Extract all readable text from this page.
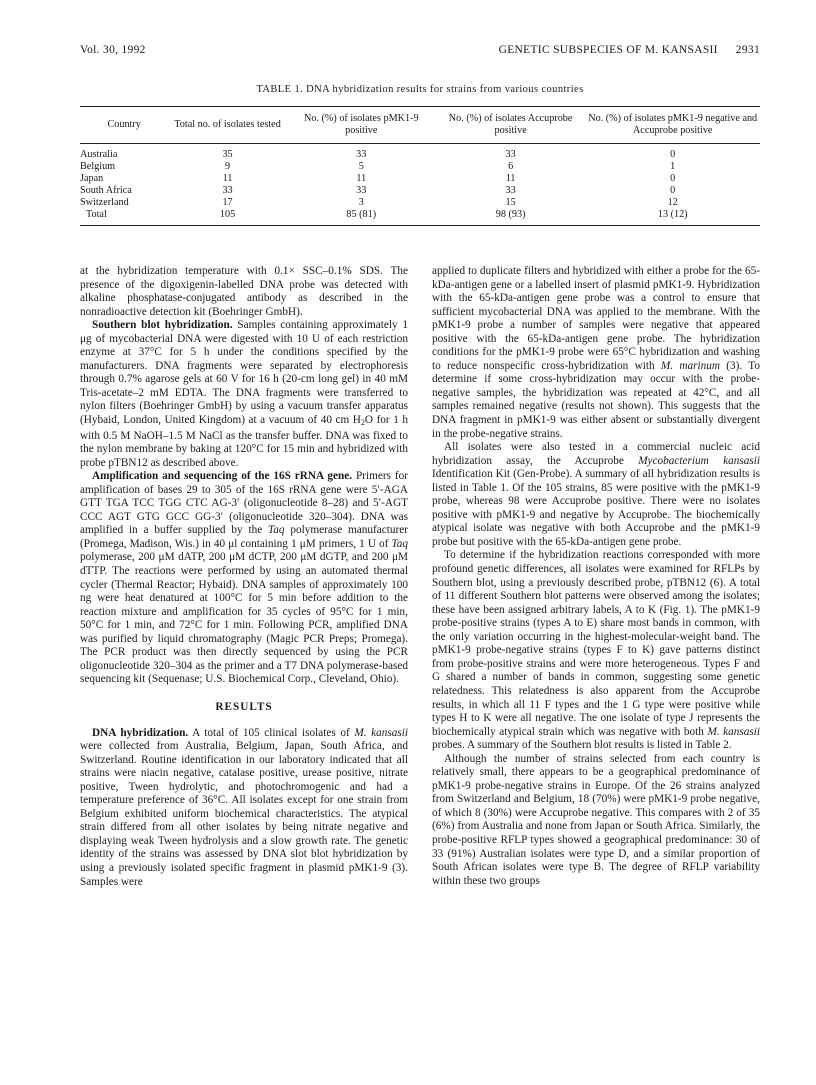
Vol. 30, 1992	GENETIC SUBSPECIES OF M. KANSASII 2931
TABLE 1. DNA hybridization results for strains from various countries
Country	Total no. of isolates tested	No. (%) of isolates pMK1-9 positive	No. (%) of isolates Accuprobe positive	No. (%) of isolates pMK1-9 negative and Accuprobe positive
Australia	35	33	33	0
Belgium	9	5	6	1
Japan	11	11	11	0
South Africa	33	33	33	0
Switzerland	17	3	15	12
Total	105	85 (81)	98 (93)	13 (12)

at the hybridization temperature with 0.1× SSC–0.1% SDS. The presence of the digoxigenin-labelled DNA probe was detected with alkaline phosphatase-conjugated antibody as described in the nonradioactive detection kit (Boehringer GmbH).

Southern blot hybridization. Samples containing approximately 1 μg of mycobacterial DNA were digested with 10 U of each restriction enzyme at 37°C for 5 h under the conditions specified by the manufacturers. DNA fragments were separated by electrophoresis through 0.7% agarose gels at 60 V for 16 h (20-cm long gel) in 40 mM Tris-acetate–2 mM EDTA. The DNA fragments were transferred to nylon filters (Boehringer GmbH) by using a vacuum transfer apparatus (Hybaid, London, United Kingdom) at a vacuum of 40 cm $H_2O$ for 1 h with 0.5 M NaOH–1.5 M NaCl as the transfer buffer. DNA was fixed to the nylon membrane by baking at 120°C for 15 min and hybridized with probe pTBN12 as described above.

Amplification and sequencing of the 16S rRNA gene. Primers for amplification of bases 29 to 305 of the 16S rRNA gene were 5′-AGA GTT TGA TCC TGG CTC AG-3′ (oligonucleotide 8–28) and 5′-AGT CCC AGT GTG GCC GG-3′ (oligonucleotide 320–304). DNA was amplified in a buffer supplied by the Taq polymerase manufacturer (Promega, Madison, Wis.) in 40 μl containing 1 μM primers, 1 U of Taq polymerase, 200 μM dATP, 200 μM dCTP, 200 μM dGTP, and 200 μM dTTP. The reactions were performed by using an automated thermal cycler (Thermal Reactor; Hybaid). DNA samples of approximately 100 ng were heat denatured at 100°C for 5 min before addition to the reaction mixture and amplification for 35 cycles of 95°C for 1 min, 50°C for 1 min, and 72°C for 1 min. Following PCR, amplified DNA was purified by liquid chromatography (Magic PCR Preps; Promega). The PCR product was then directly sequenced by using the PCR oligonucleotide 320–304 as the primer and a T7 DNA polymerase-based sequencing kit (Sequenase; U.S. Biochemical Corp., Cleveland, Ohio).

RESULTS

DNA hybridization. A total of 105 clinical isolates of M. kansasii were collected from Australia, Belgium, Japan, South Africa, and Switzerland. Routine identification in our laboratory indicated that all strains were niacin negative, catalase positive, urease positive, nitrate positive, Tween hydrolytic, and photochromogenic and had a temperature preference of 36°C. All isolates except for one strain from Belgium exhibited uniform biochemical characteristics. The atypical strain differed from all other isolates by being nitrate negative and displaying weak Tween hydrolysis and a slow growth rate. The genetic identity of the strains was assessed by DNA slot blot hybridization by using a previously isolated specific fragment in plasmid pMK1-9 (3). Samples were

applied to duplicate filters and hybridized with either a probe for the 65-kDa-antigen gene or a labelled insert of plasmid pMK1-9. Hybridization with the 65-kDa-antigen gene probe was a control to ensure that sufficient mycobacterial DNA was applied to the membrane. With the pMK1-9 probe a number of samples were negative that appeared positive with the 65-kDa-antigen gene probe. The hybridization conditions for the pMK1-9 probe were 65°C hybridization and washing to reduce nonspecific cross-hybridization with M. marinum (3). To determine if some cross-hybridization may occur with the probe-negative samples, the hybridization was repeated at 42°C, and all samples remained negative (results not shown). This suggests that the DNA fragment in pMK1-9 was either absent or substantially divergent in the probe-negative strains.

All isolates were also tested in a commercial nucleic acid hybridization assay, the Accuprobe Mycobacterium kansasii Identification Kit (Gen-Probe). A summary of all hybridization results is listed in Table 1. Of the 105 strains, 85 were positive with the pMK1-9 probe, whereas 98 were Accuprobe positive. There were no isolates positive with pMK1-9 and negative by Accuprobe. The biochemically atypical isolate was negative with both Accuprobe and the pMK1-9 probe but positive with the 65-kDa-antigen gene probe.

To determine if the hybridization reactions corresponded with more profound genetic differences, all isolates were examined for RFLPs by Southern blot, using a previously described probe, pTBN12 (6). A total of 11 different Southern blot patterns were observed among the isolates; these have been assigned arbitrary labels, A to K (Fig. 1). The pMK1-9 probe-positive strains (types A to E) share most bands in common, with the only variation occurring in the highest-molecular-weight band. The pMK1-9 probe-negative strains (types F to K) gave patterns distinct from probe-positive strains and were more heterogeneous. Types F and G shared a number of bands in common, suggesting some genetic relatedness. This relatedness is also apparent from the Accuprobe results, in which all 11 F types and the 1 G type were positive while types H to K were all negative. The one isolate of type J represents the biochemically atypical strain which was negative with both M. kansasii probes. A summary of the Southern blot results is listed in Table 2.

Although the number of strains selected from each country is relatively small, there appears to be a geographical predominance of pMK1-9 probe-negative strains in Europe. Of the 26 strains analyzed from Switzerland and Belgium, 18 (70%) were pMK1-9 probe negative, of which 8 (30%) were Accuprobe negative. This compares with 2 of 35 (6%) from Australia and none from Japan or South Africa. Similarly, the probe-positive RFLP types showed a geographical predominance: 30 of 33 (91%) Australian isolates were type D, and a similar proportion of South African isolates were type B. The degree of RFLP variability within these two groups
